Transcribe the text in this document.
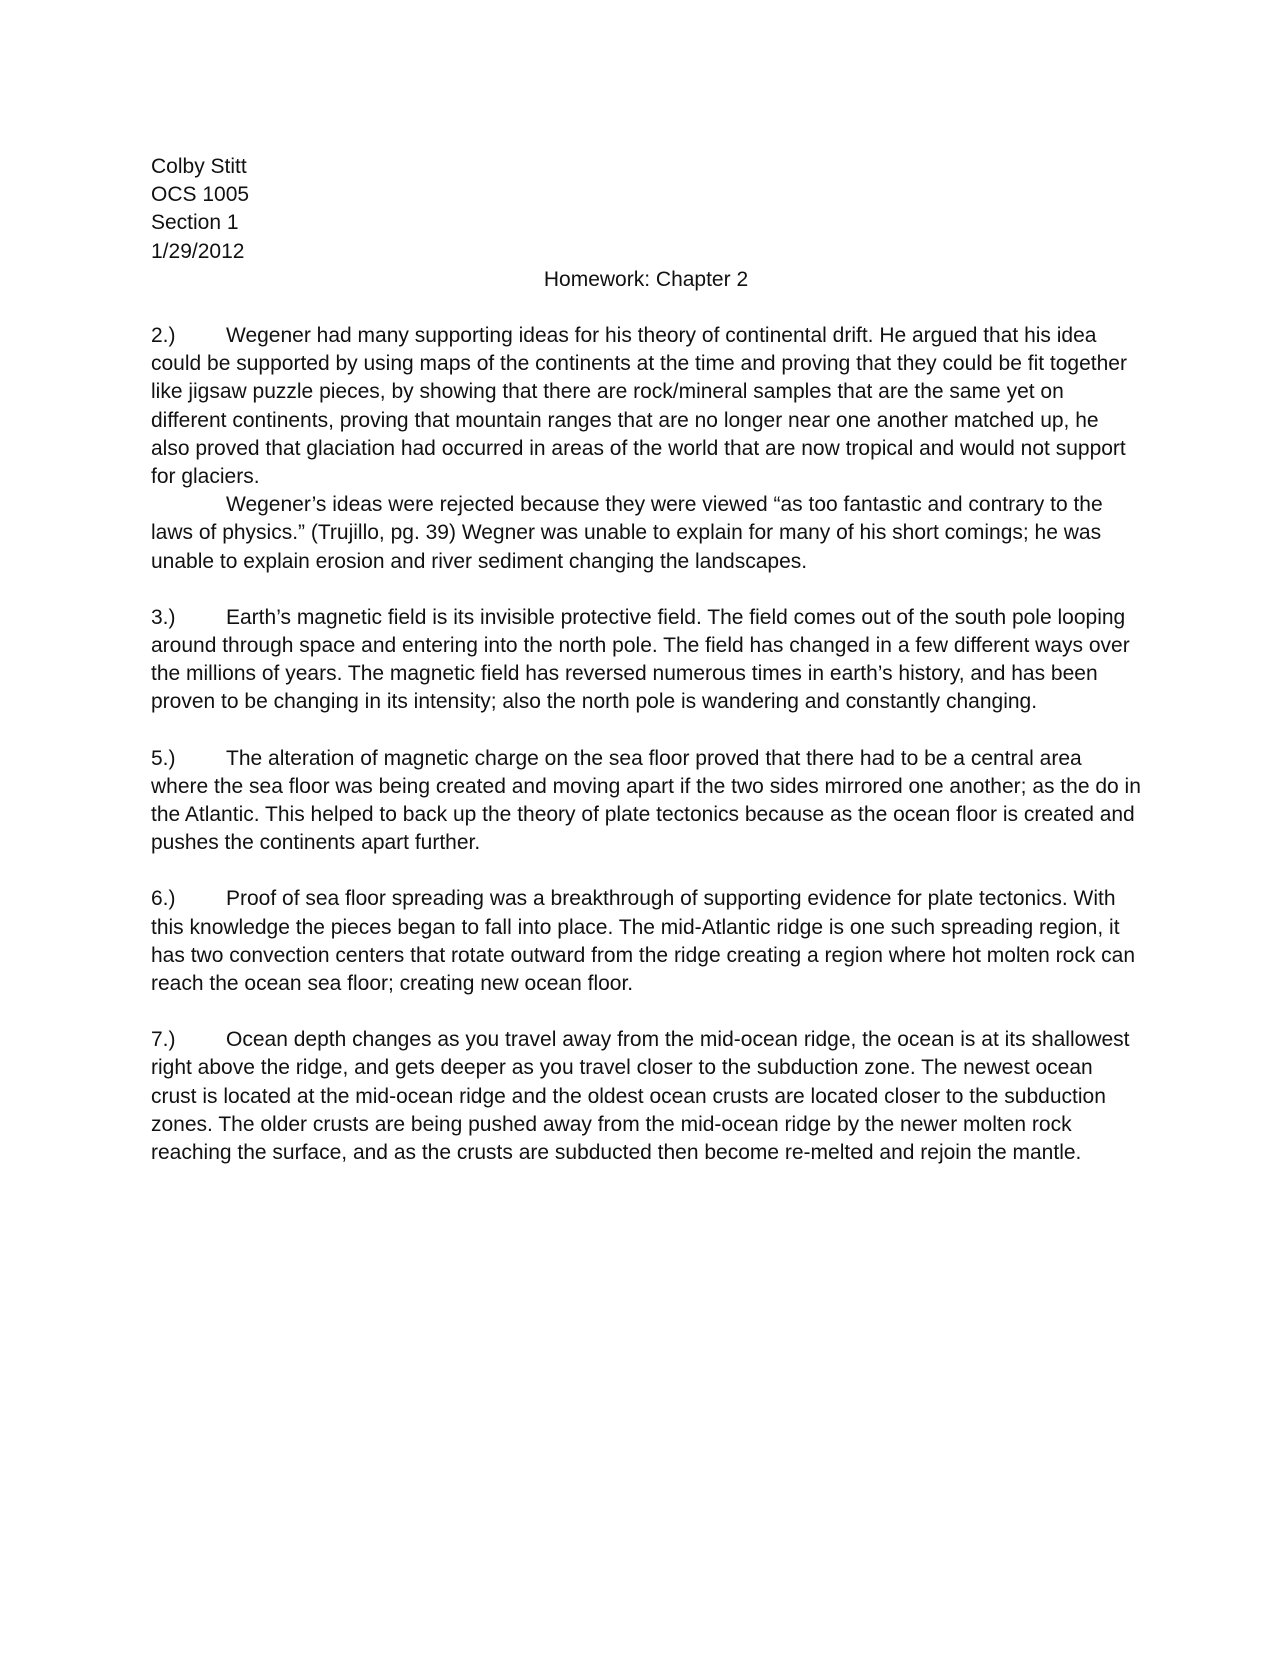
Colby Stitt
OCS 1005
Section 1
1/29/2012
Homework: Chapter 2

2.) Wegener had many supporting ideas for his theory of continental drift. He argued that his idea could be supported by using maps of the continents at the time and proving that they could be fit together like jigsaw puzzle pieces, by showing that there are rock/mineral samples that are the same yet on different continents, proving that mountain ranges that are no longer near one another matched up, he also proved that glaciation had occurred in areas of the world that are now tropical and would not support for glaciers.

Wegener’s ideas were rejected because they were viewed “as too fantastic and contrary to the laws of physics.” (Trujillo, pg. 39) Wegner was unable to explain for many of his short comings; he was unable to explain erosion and river sediment changing the landscapes.

3.) Earth’s magnetic field is its invisible protective field. The field comes out of the south pole looping around through space and entering into the north pole. The field has changed in a few different ways over the millions of years. The magnetic field has reversed numerous times in earth’s history, and has been proven to be changing in its intensity; also the north pole is wandering and constantly changing.

5.) The alteration of magnetic charge on the sea floor proved that there had to be a central area where the sea floor was being created and moving apart if the two sides mirrored one another; as the do in the Atlantic. This helped to back up the theory of plate tectonics because as the ocean floor is created and pushes the continents apart further.

6.) Proof of sea floor spreading was a breakthrough of supporting evidence for plate tectonics. With this knowledge the pieces began to fall into place. The mid-Atlantic ridge is one such spreading region, it has two convection centers that rotate outward from the ridge creating a region where hot molten rock can reach the ocean sea floor; creating new ocean floor.

7.) Ocean depth changes as you travel away from the mid-ocean ridge, the ocean is at its shallowest right above the ridge, and gets deeper as you travel closer to the subduction zone. The newest ocean crust is located at the mid-ocean ridge and the oldest ocean crusts are located closer to the subduction zones. The older crusts are being pushed away from the mid-ocean ridge by the newer molten rock reaching the surface, and as the crusts are subducted then become re-melted and rejoin the mantle.
